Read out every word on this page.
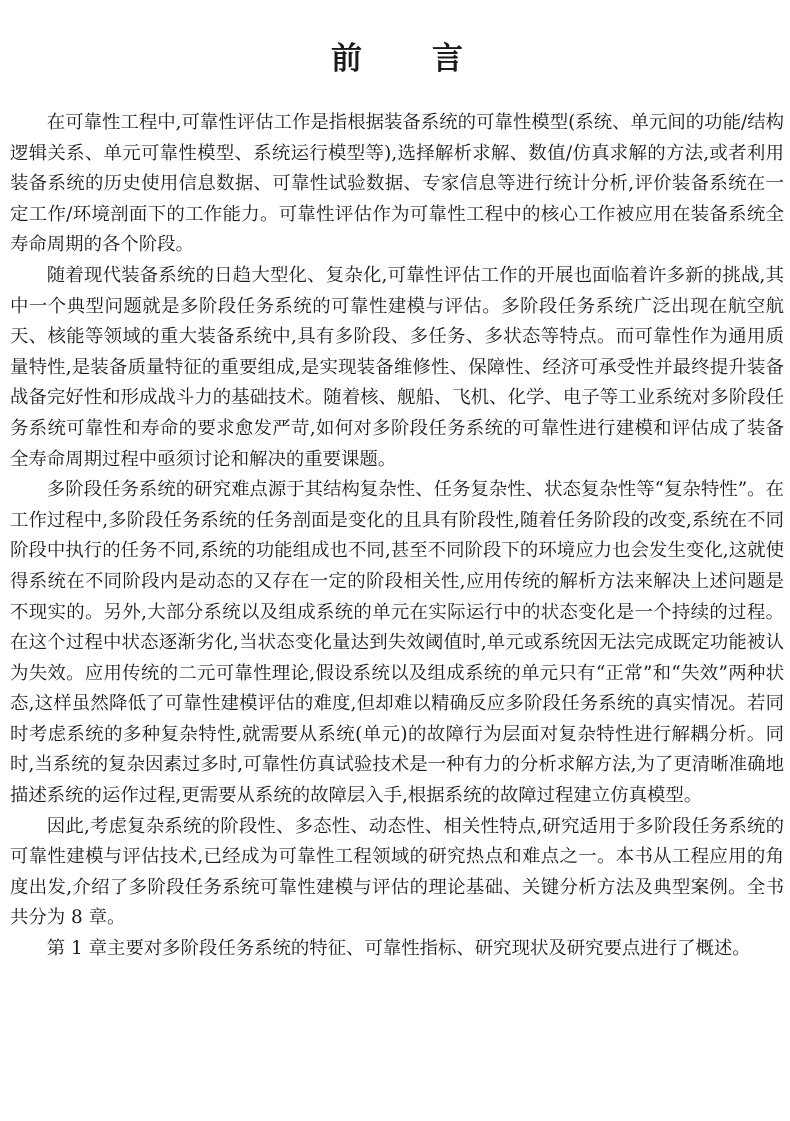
前 言

在可靠性工程中,可靠性评估工作是指根据装备系统的可靠性模型(系统、单元间的功能/结构逻辑关系、单元可靠性模型、系统运行模型等),选择解析求解、数值/仿真求解的方法,或者利用装备系统的历史使用信息数据、可靠性试验数据、专家信息等进行统计分析,评价装备系统在一定工作/环境剖面下的工作能力。可靠性评估作为可靠性工程中的核心工作被应用在装备系统全寿命周期的各个阶段。

随着现代装备系统的日趋大型化、复杂化,可靠性评估工作的开展也面临着许多新的挑战,其中一个典型问题就是多阶段任务系统的可靠性建模与评估。多阶段任务系统广泛出现在航空航天、核能等领域的重大装备系统中,具有多阶段、多任务、多状态等特点。而可靠性作为通用质量特性,是装备质量特征的重要组成,是实现装备维修性、保障性、经济可承受性并最终提升装备战备完好性和形成战斗力的基础技术。随着核、舰船、飞机、化学、电子等工业系统对多阶段任务系统可靠性和寿命的要求愈发严苛,如何对多阶段任务系统的可靠性进行建模和评估成了装备全寿命周期过程中亟须讨论和解决的重要课题。

多阶段任务系统的研究难点源于其结构复杂性、任务复杂性、状态复杂性等“复杂特性”。在工作过程中,多阶段任务系统的任务剖面是变化的且具有阶段性,随着任务阶段的改变,系统在不同阶段中执行的任务不同,系统的功能组成也不同,甚至不同阶段下的环境应力也会发生变化,这就使得系统在不同阶段内是动态的又存在一定的阶段相关性,应用传统的解析方法来解决上述问题是不现实的。另外,大部分系统以及组成系统的单元在实际运行中的状态变化是一个持续的过程。在这个过程中状态逐渐劣化,当状态变化量达到失效阈值时,单元或系统因无法完成既定功能被认为失效。应用传统的二元可靠性理论,假设系统以及组成系统的单元只有“正常”和“失效”两种状态,这样虽然降低了可靠性建模评估的难度,但却难以精确反应多阶段任务系统的真实情况。若同时考虑系统的多种复杂特性,就需要从系统(单元)的故障行为层面对复杂特性进行解耦分析。同时,当系统的复杂因素过多时,可靠性仿真试验技术是一种有力的分析求解方法,为了更清晰准确地描述系统的运作过程,更需要从系统的故障层入手,根据系统的故障过程建立仿真模型。

因此,考虑复杂系统的阶段性、多态性、动态性、相关性特点,研究适用于多阶段任务系统的可靠性建模与评估技术,已经成为可靠性工程领域的研究热点和难点之一。本书从工程应用的角度出发,介绍了多阶段任务系统可靠性建模与评估的理论基础、关键分析方法及典型案例。全书共分为 8 章。

第 1 章主要对多阶段任务系统的特征、可靠性指标、研究现状及研究要点进行了概述。
